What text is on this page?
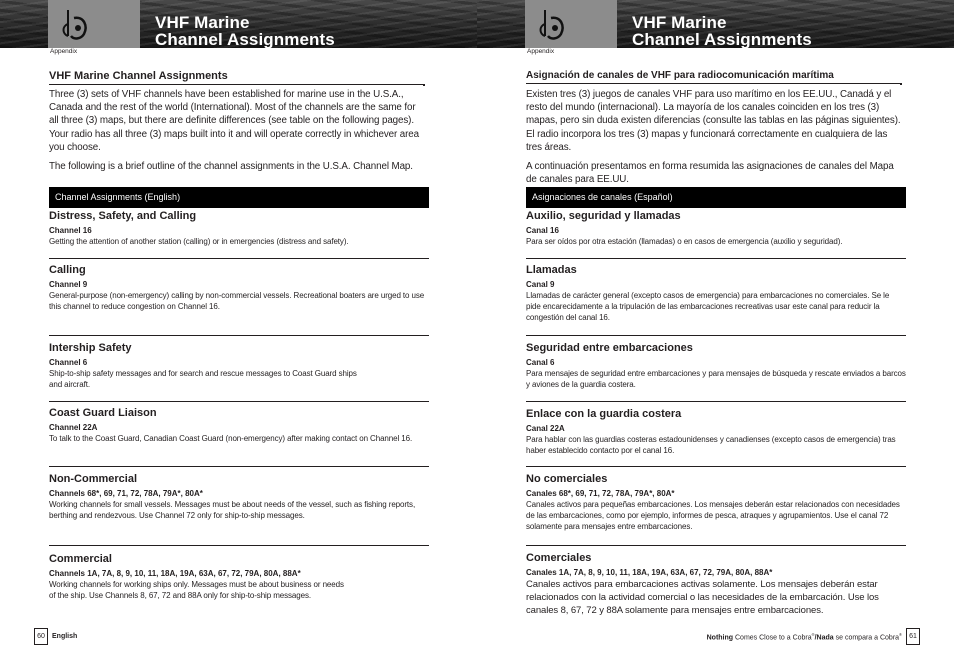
VHF Marine
Channel Assignments
Appendix
VHF Marine Channel Assignments

Three (3) sets of VHF channels have been established for marine use in the U.S.A., Canada and the rest of the world (International). Most of the channels are the same for all three (3) maps, but there are definite differences (see table on the following pages). Your radio has all three (3) maps built into it and will operate correctly in whichever area you choose.

The following is a brief outline of the channel assignments in the U.S.A. Channel Map.

Channel Assignments (English)
Distress, Safety, and Calling
Channel 16
Getting the attention of another station (calling) or in emergencies (distress and safety).
Calling
Channel 9
General-purpose (non-emergency) calling by non-commercial vessels. Recreational boaters are urged to use this channel to reduce congestion on Channel 16.
Intership Safety
Channel 6
Ship-to-ship safety messages and for search and rescue messages to Coast Guard ships
and aircraft.
Coast Guard Liaison
Channel 22A
To talk to the Coast Guard, Canadian Coast Guard (non-emergency) after making contact on Channel 16.
Non-Commercial
Channels 68*, 69, 71, 72, 78A, 79A*, 80A*
Working channels for small vessels. Messages must be about needs of the vessel, such as fishing reports, berthing and rendezvous. Use Channel 72 only for ship-to-ship messages.
Commercial
Channels 1A, 7A, 8, 9, 10, 11, 18A, 19A, 63A, 67, 72, 79A, 80A, 88A*
Working channels for working ships only. Messages must be about business or needs
of the ship. Use Channels 8, 67, 72 and 88A only for ship-to-ship messages.
60	English
VHF Marine
Channel Assignments
Appendix
Asignación de canales de VHF para radiocomunicación marítima

Existen tres (3) juegos de canales VHF para uso marítimo en los EE.UU., Canadá y el resto del mundo (internacional). La mayoría de los canales coinciden en los tres (3) mapas, pero sin duda existen diferencias (consulte las tablas en las páginas siguientes). El radio incorpora los tres (3) mapas y funcionará correctamente en cualquiera de las tres áreas.

A continuación presentamos en forma resumida las asignaciones de canales del Mapa de canales para EE.UU.

Asignaciones de canales (Español)
Auxilio, seguridad y llamadas
Canal 16
Para ser oídos por otra estación (llamadas) o en casos de emergencia (auxilio y seguridad).
Llamadas
Canal 9
Llamadas de carácter general (excepto casos de emergencia) para embarcaciones no comerciales. Se le pide encarecidamente a la tripulación de las embarcaciones recreativas usar este canal para reducir la congestión del canal 16.
Seguridad entre embarcaciones
Canal 6
Para mensajes de seguridad entre embarcaciones y para mensajes de búsqueda y rescate enviados a barcos y aviones de la guardia costera.
Enlace con la guardia costera
Canal 22A
Para hablar con las guardias costeras estadounidenses y canadienses (excepto casos de emergencia) tras haber establecido contacto por el canal 16.
No comerciales
Canales 68*, 69, 71, 72, 78A, 79A*, 80A*
Canales activos para pequeñas embarcaciones. Los mensajes deberán estar relacionados con necesidades de las embarcaciones, como por ejemplo, informes de pesca, atraques y agrupamientos. Use el canal 72 solamente para mensajes entre embarcaciones.
Comerciales
Canales 1A, 7A, 8, 9, 10, 11, 18A, 19A, 63A, 67, 72, 79A, 80A, 88A*
Canales activos para embarcaciones activas solamente. Los mensajes deberán estar relacionados con la actividad comercial o las necesidades de la embarcación. Use los canales 8, 67, 72 y 88A solamente para mensajes entre embarcaciones.
Nothing Comes Close to a Cobra®/Nada se compara a Cobra®	61
